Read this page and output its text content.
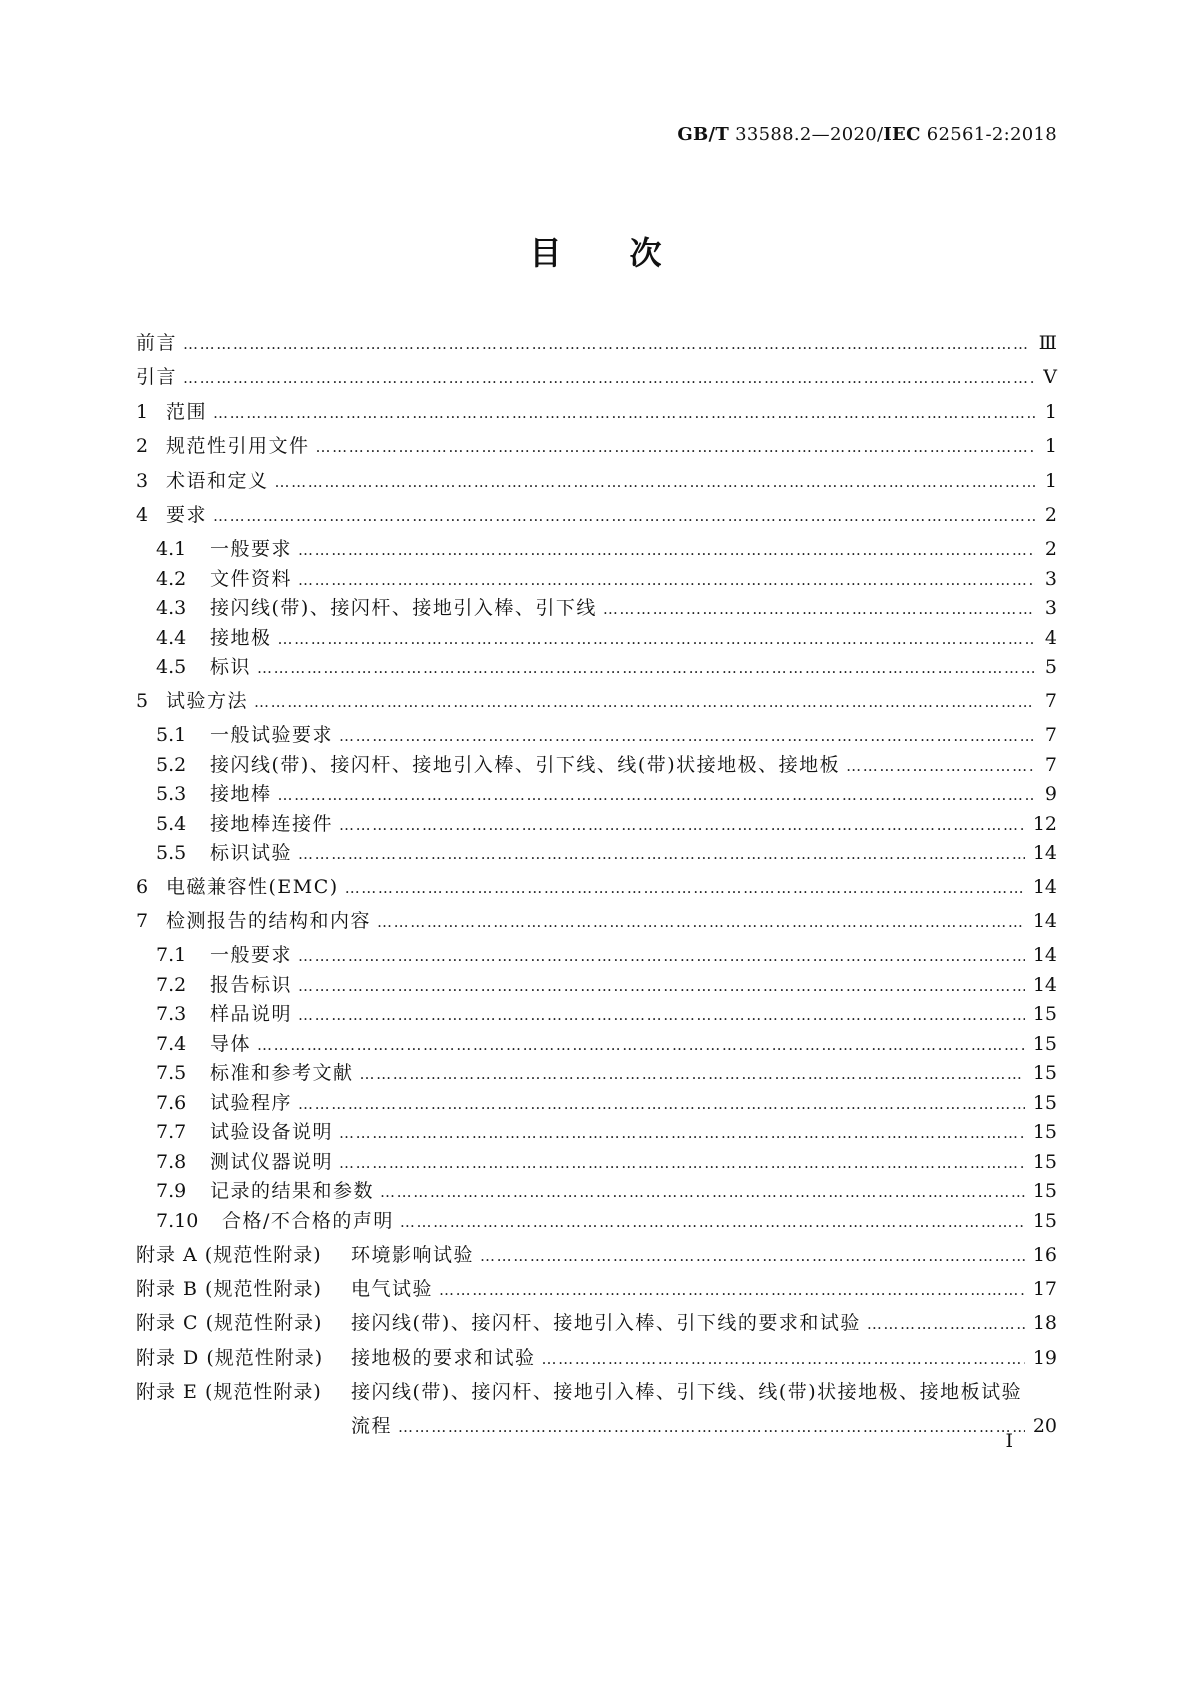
GB/T 33588.2—2020/IEC 62561-2:2018
目次
前言 …………………………………………………………………………………………………………………………………………………………………………………………………………	Ⅲ
引言 …………………………………………………………………………………………………………………………………………………………………………………………………………	Ⅴ
1 范围 …………………………………………………………………………………………………………………………………………………………………………………………………………	1
2 规范性引用文件 …………………………………………………………………………………………………………………………………………………………………………………………………………	1
3 术语和定义 …………………………………………………………………………………………………………………………………………………………………………………………………………	1
4 要求 …………………………………………………………………………………………………………………………………………………………………………………………………………	2
4.1	一般要求 …………………………………………………………………………………………………………………………………………………………………………………………………………	2
4.2	文件资料 …………………………………………………………………………………………………………………………………………………………………………………………………………	3
4.3	接闪线(带)、接闪杆、接地引入棒、引下线 …………………………………………………………………………………………………………………………………………………………………………………………………………	3
4.4	接地极 …………………………………………………………………………………………………………………………………………………………………………………………………………	4
4.5	标识 …………………………………………………………………………………………………………………………………………………………………………………………………………	5
5 试验方法 …………………………………………………………………………………………………………………………………………………………………………………………………………	7
5.1	一般试验要求 …………………………………………………………………………………………………………………………………………………………………………………………………………	7
5.2	接闪线(带)、接闪杆、接地引入棒、引下线、线(带)状接地极、接地板 …………………………………………………………………………………………………………………………………………………………………………………………………………	7
5.3	接地棒 …………………………………………………………………………………………………………………………………………………………………………………………………………	9
5.4	接地棒连接件 …………………………………………………………………………………………………………………………………………………………………………………………………………	12
5.5	标识试验 …………………………………………………………………………………………………………………………………………………………………………………………………………	14
6 电磁兼容性(EMC) …………………………………………………………………………………………………………………………………………………………………………………………………………	14
7 检测报告的结构和内容 …………………………………………………………………………………………………………………………………………………………………………………………………………	14
7.1	一般要求 …………………………………………………………………………………………………………………………………………………………………………………………………………	14
7.2	报告标识 …………………………………………………………………………………………………………………………………………………………………………………………………………	14
7.3	样品说明 …………………………………………………………………………………………………………………………………………………………………………………………………………	15
7.4	导体 …………………………………………………………………………………………………………………………………………………………………………………………………………	15
7.5	标准和参考文献 …………………………………………………………………………………………………………………………………………………………………………………………………………	15
7.6	试验程序 …………………………………………………………………………………………………………………………………………………………………………………………………………	15
7.7	试验设备说明 …………………………………………………………………………………………………………………………………………………………………………………………………………	15
7.8	测试仪器说明 …………………………………………………………………………………………………………………………………………………………………………………………………………	15
7.9	记录的结果和参数 …………………………………………………………………………………………………………………………………………………………………………………………………………	15
7.10	合格/不合格的声明 …………………………………………………………………………………………………………………………………………………………………………………………………………	15
附录 A (规范性附录)	环境影响试验 …………………………………………………………………………………………………………………………………………………………………………………………………………	16
附录 B (规范性附录)	电气试验 …………………………………………………………………………………………………………………………………………………………………………………………………………	17
附录 C (规范性附录)	接闪线(带)、接闪杆、接地引入棒、引下线的要求和试验 …………………………………………………………………………………………………………………………………………………………………………………………………………	18
附录 D (规范性附录)	接地极的要求和试验 …………………………………………………………………………………………………………………………………………………………………………………………………………	19
附录 E (规范性附录)	接闪线(带)、接闪杆、接地引入棒、引下线、线(带)状接地极、接地板试验
流程 …………………………………………………………………………………………………………………………………………………………………………………………………………	20
I
